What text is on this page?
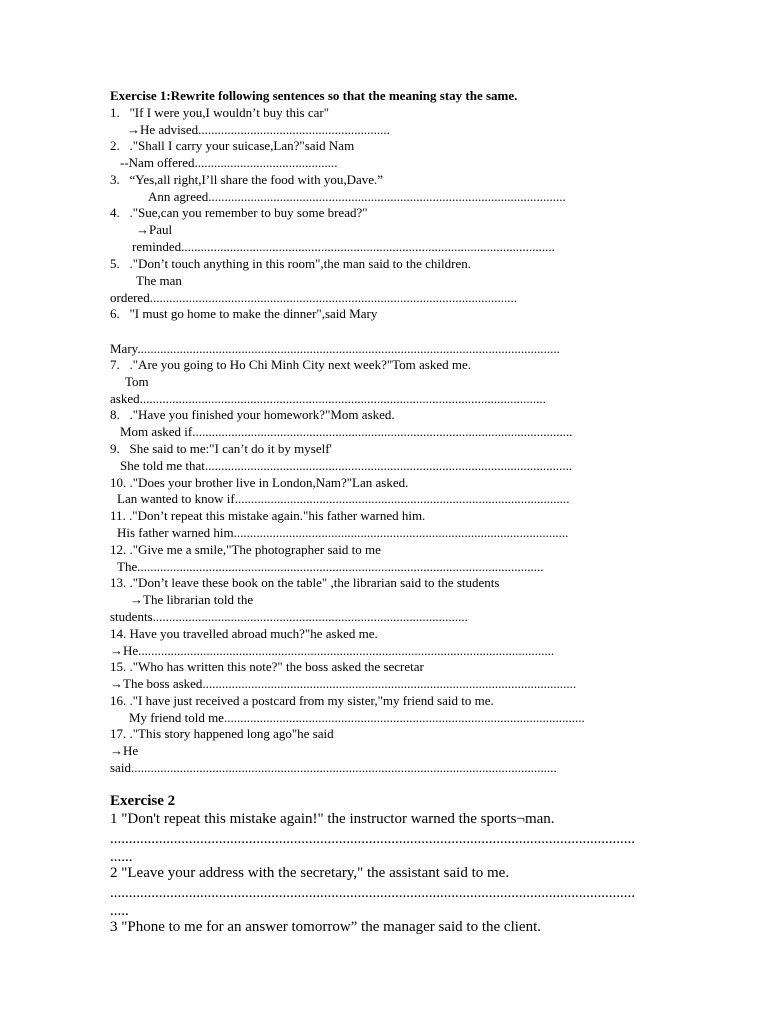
Exercise 1:Rewrite following sentences so that the meaning stay the same.
1.   "If I were you,I wouldn’t buy this car"
→He advised...........................................................
2.   ."Shall I carry your suicase,Lan?"said Nam
--Nam offered............................................
3.   “Yes,all right,I’ll share the food with you,Dave.”
Ann agreed..............................................................................................................
4.   ."Sue,can you remember to buy some bread?"
→Paul
reminded...................................................................................................................
5.   ."Don’t touch anything in this room",the man said to the children.
The man
ordered.................................................................................................................
6.   "I must go home to make the dinner",said Mary
Mary..................................................................................................................................
7.   ."Are you going to Ho Chi Minh City next week?"Tom asked me.
Tom
asked.............................................................................................................................
8.   ."Have you finished your homework?"Mom asked.
Mom asked if.....................................................................................................................
9.   She said to me:"I can’t do it by myself'
She told me that.................................................................................................................
10. ."Does your brother live in London,Nam?"Lan asked.
Lan wanted to know if.......................................................................................................
11. ."Don’t repeat this mistake again."his father warned him.
His father warned him.......................................................................................................
12. ."Give me a smile,"The photographer said to me
The.............................................................................................................................
13. ."Don’t leave these book on the table" ,the librarian said to the students
→The librarian told the
students.................................................................................................
14. Have you travelled abroad much?"he asked me.
→He................................................................................................................................
15. ."Who has written this note?" the boss asked the secretar
→The boss asked...................................................................................................................
16. ."I have just received a postcard from my sister,"my friend said to me.
My friend told me...............................................................................................................
17. ."This story happened long ago"he said
→He
said...................................................................................................................................
Exercise 2
1 "Don't repeat this mistake again!" the instructor warned the sports¬man.
............................................................................................................................................
......
2 "Leave your address with the secretary," the assistant said to me.
............................................................................................................................................
.....
3 "Phone to me for an answer tomorrow” the manager said to the client.
